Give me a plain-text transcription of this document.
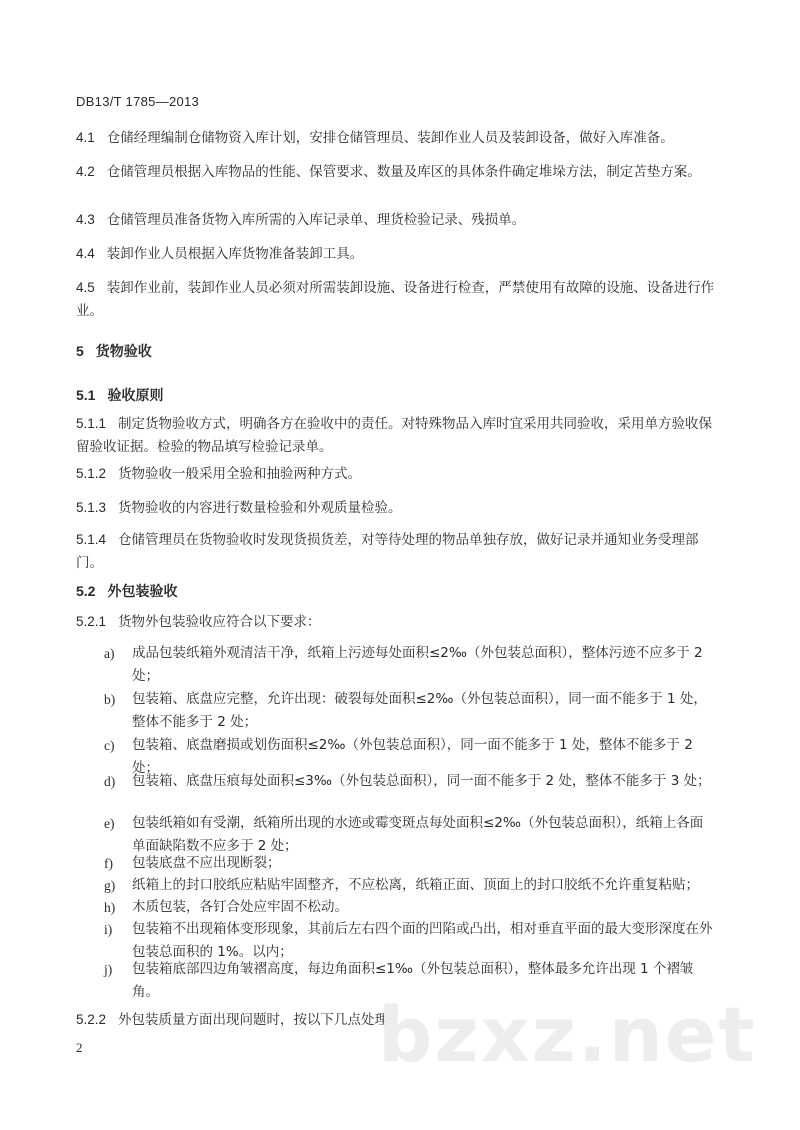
DB13/T 1785—2013
4.1 仓储经理编制仓储物资入库计划，安排仓储管理员、装卸作业人员及装卸设备，做好入库准备。
4.2 仓储管理员根据入库物品的性能、保管要求、数量及库区的具体条件确定堆垛方法，制定苫垫方案。
4.3 仓储管理员准备货物入库所需的入库记录单、理货检验记录、残损单。
4.4 装卸作业人员根据入库货物准备装卸工具。
4.5 装卸作业前，装卸作业人员必须对所需装卸设施、设备进行检查，严禁使用有故障的设施、设备进行作业。
5 货物验收
5.1 验收原则
5.1.1 制定货物验收方式，明确各方在验收中的责任。对特殊物品入库时宜采用共同验收，采用单方验收保留验收证据。检验的物品填写检验记录单。
5.1.2 货物验收一般采用全验和抽验两种方式。
5.1.3 货物验收的内容进行数量检验和外观质量检验。
5.1.4 仓储管理员在货物验收时发现货损货差，对等待处理的物品单独存放，做好记录并通知业务受理部门。
5.2 外包装验收
5.2.1 货物外包装验收应符合以下要求：
a) 成品包装纸箱外观清洁干净，纸箱上污迹每处面积≤2‰（外包装总面积），整体污迹不应多于 2 处；
b) 包装箱、底盘应完整，允许出现：破裂每处面积≤2‰（外包装总面积），同一面不能多于 1 处，整体不能多于 2 处；
c) 包装箱、底盘磨损或划伤面积≤2‰（外包装总面积），同一面不能多于 1 处，整体不能多于 2 处；
d) 包装箱、底盘压痕每处面积≤3‰（外包装总面积），同一面不能多于 2 处，整体不能多于 3 处；
e) 包装纸箱如有受潮，纸箱所出现的水迹或霉变斑点每处面积≤2‰（外包装总面积），纸箱上各面单面缺陷数不应多于 2 处；
f) 包装底盘不应出现断裂；
g) 纸箱上的封口胶纸应粘贴牢固整齐，不应松离，纸箱正面、顶面上的封口胶纸不允许重复粘贴；
h) 木质包装，各钉合处应牢固不松动。
i) 包装箱不出现箱体变形现象，其前后左右四个面的凹陷或凸出，相对垂直平面的最大变形深度在外包装总面积的 1%。以内；
j) 包装箱底部四边角皱褶高度，每边角面积≤1‰（外包装总面积），整体最多允许出现 1 个褶皱角。
5.2.2 外包装质量方面出现问题时，按以下几点处理：
2	bzxz.net
